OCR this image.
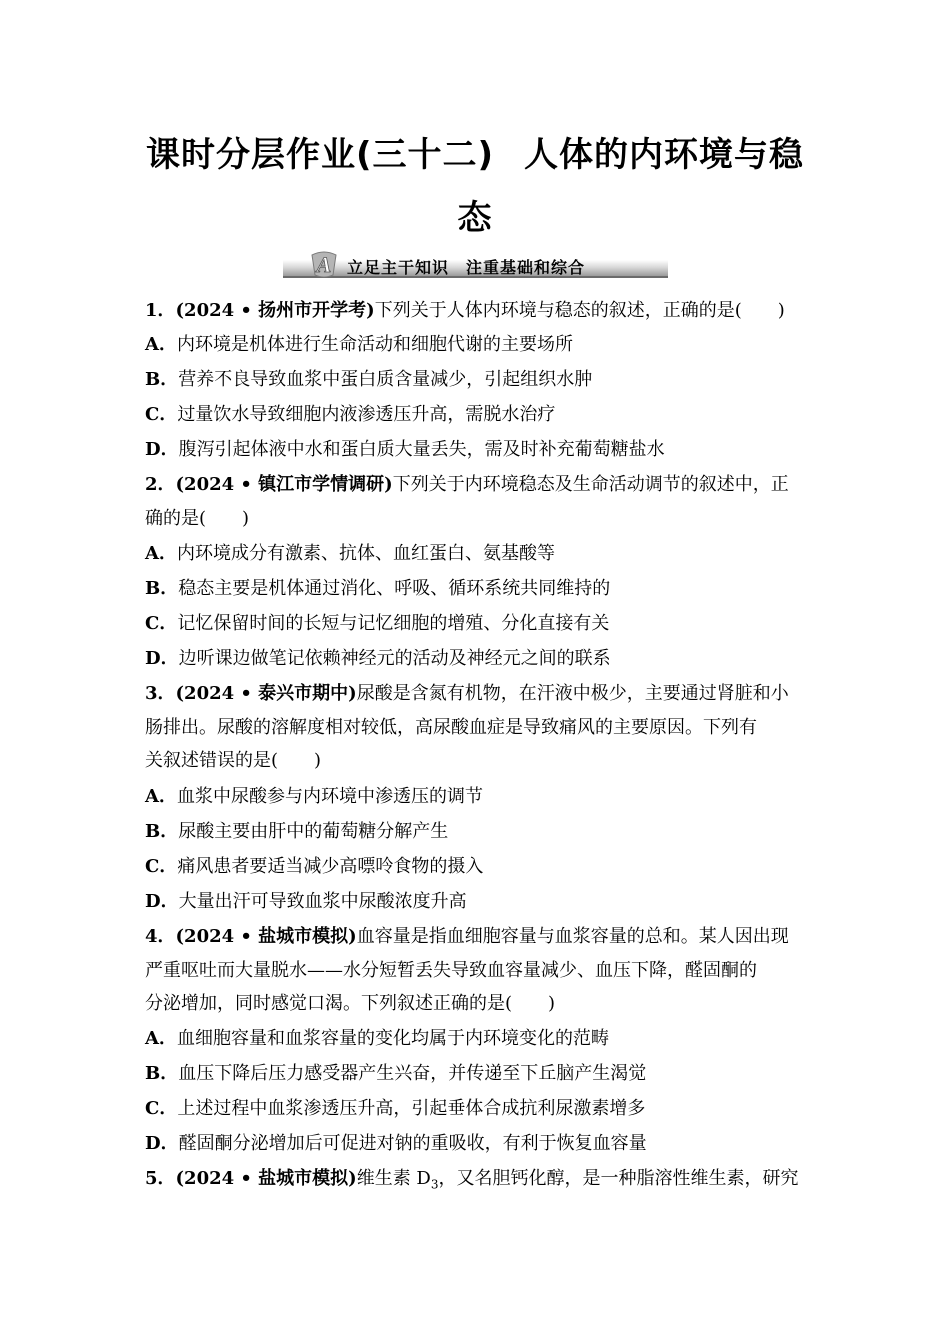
课时分层作业(三十二) 人体的内环境与稳
态
A 立足主干知识　注重基础和综合
1．(2024 • 扬州市开学考)下列关于人体内环境与稳态的叙述，正确的是(　　)
A．内环境是机体进行生命活动和细胞代谢的主要场所
B．营养不良导致血浆中蛋白质含量减少，引起组织水肿
C．过量饮水导致细胞内液渗透压升高，需脱水治疗
D．腹泻引起体液中水和蛋白质大量丢失，需及时补充葡萄糖盐水
2．(2024 • 镇江市学情调研)下列关于内环境稳态及生命活动调节的叙述中，正
确的是(　　)
A．内环境成分有激素、抗体、血红蛋白、氨基酸等
B．稳态主要是机体通过消化、呼吸、循环系统共同维持的
C．记忆保留时间的长短与记忆细胞的增殖、分化直接有关
D．边听课边做笔记依赖神经元的活动及神经元之间的联系
3．(2024 • 泰兴市期中)尿酸是含氮有机物，在汗液中极少，主要通过肾脏和小
肠排出。尿酸的溶解度相对较低，高尿酸血症是导致痛风的主要原因。下列有
关叙述错误的是(　　)
A．血浆中尿酸参与内环境中渗透压的调节
B．尿酸主要由肝中的葡萄糖分解产生
C．痛风患者要适当减少高嘌呤食物的摄入
D．大量出汗可导致血浆中尿酸浓度升高
4．(2024 • 盐城市模拟)血容量是指血细胞容量与血浆容量的总和。某人因出现
严重呕吐而大量脱水——水分短暂丢失导致血容量减少、血压下降，醛固酮的
分泌增加，同时感觉口渴。下列叙述正确的是(　　)
A．血细胞容量和血浆容量的变化均属于内环境变化的范畴
B．血压下降后压力感受器产生兴奋，并传递至下丘脑产生渴觉
C．上述过程中血浆渗透压升高，引起垂体合成抗利尿激素增多
D．醛固酮分泌增加后可促进对钠的重吸收，有利于恢复血容量
5．(2024 • 盐城市模拟)维生素 $D_3$，又名胆钙化醇，是一种脂溶性维生素，研究
